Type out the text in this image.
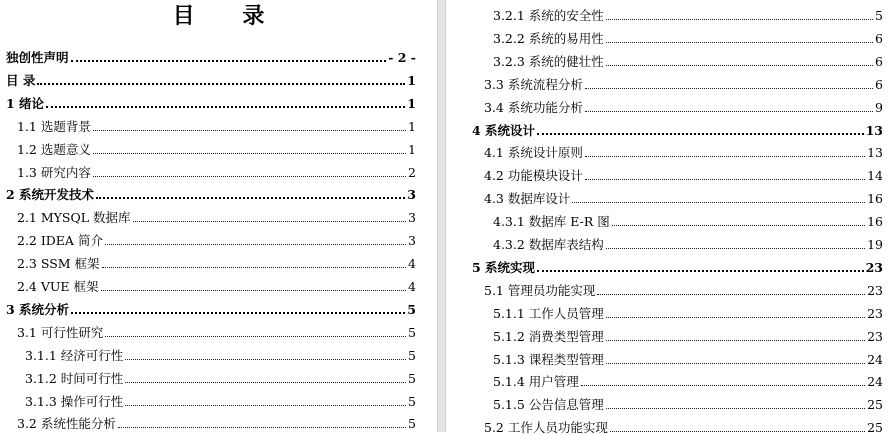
目 录
独创性声明	- 2 -
目 录	1
1 绪论	1
1.1 选题背景	1
1.2 选题意义	1
1.3 研究内容	2
2 系统开发技术	3
2.1 MYSQL 数据库	3
2.2 IDEA 简介	3
2.3 SSM 框架	4
2.4 VUE 框架	4
3 系统分析	5
3.1 可行性研究	5
3.1.1 经济可行性	5
3.1.2 时间可行性	5
3.1.3 操作可行性	5
3.2 系统性能分析	5
3.2.1 系统的安全性	5
3.2.2 系统的易用性	6
3.2.3 系统的健壮性	6
3.3 系统流程分析	6
3.4 系统功能分析	9
4 系统设计	13
4.1 系统设计原则	13
4.2 功能模块设计	14
4.3 数据库设计	16
4.3.1 数据库 E-R 图	16
4.3.2 数据库表结构	19
5 系统实现	23
5.1 管理员功能实现	23
5.1.1 工作人员管理	23
5.1.2 消费类型管理	23
5.1.3 课程类型管理	24
5.1.4 用户管理	24
5.1.5 公告信息管理	25
5.2 工作人员功能实现	25
